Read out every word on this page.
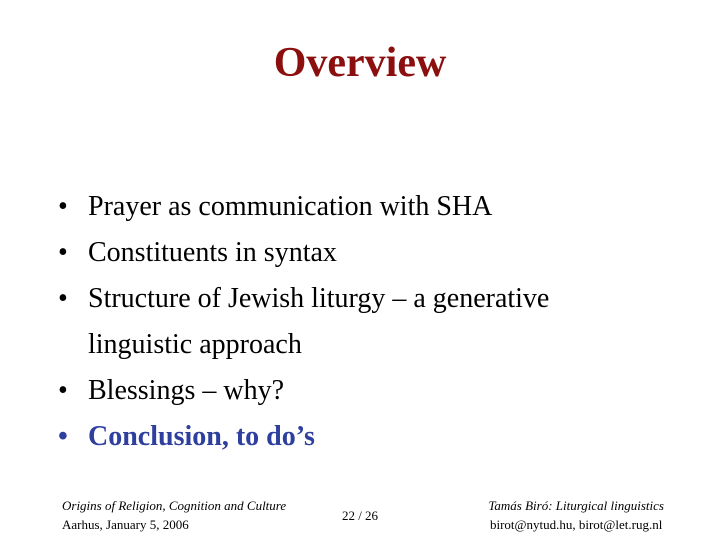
Overview
• Prayer as communication with SHA
• Constituents in syntax
• Structure of Jewish liturgy – a generative
linguistic approach
• Blessings – why?
• Conclusion, to do’s
Origins of Religion, Cognition and Culture
Aarhus, January 5, 2006
22 / 26
Tamás Biró: Liturgical linguistics
birot@nytud.hu, birot@let.rug.nl
